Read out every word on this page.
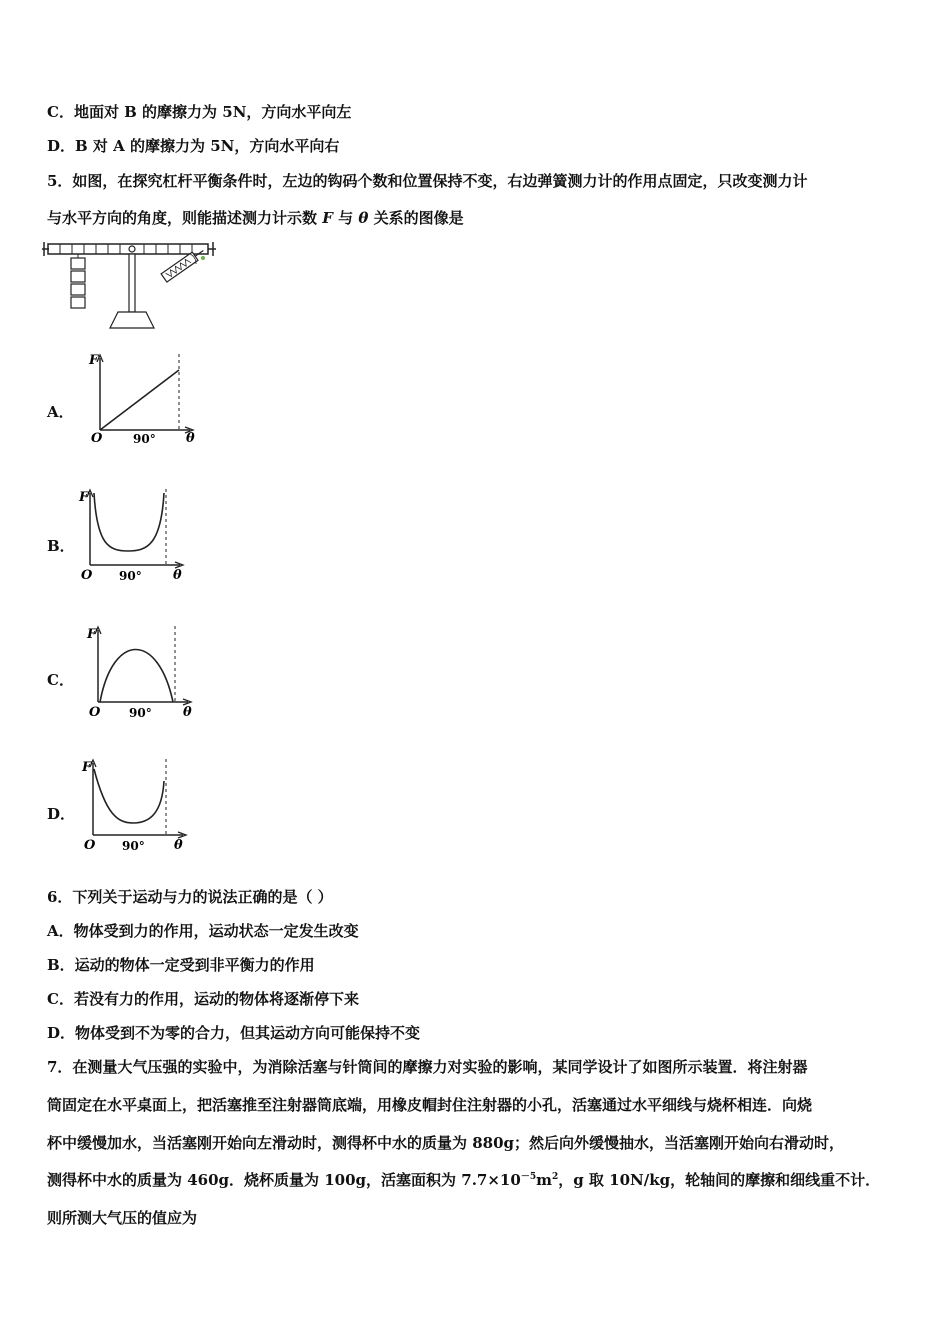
C．地面对 B 的摩擦力为 5N，方向水平向左
D．B 对 A 的摩擦力为 5N，方向水平向右
5．如图，在探究杠杆平衡条件时，左边的钩码个数和位置保持不变，右边弹簧测力计的作用点固定，只改变测力计
与水平方向的角度，则能描述测力计示数 F 与 θ 关系的图像是
A．
F
O	90° θ
B．
F
O 90° θ
C．
F
O 90° θ
D．
F
O 90° θ
6．下列关于运动与力的说法正确的是（ ）
A．物体受到力的作用，运动状态一定发生改变
B．运动的物体一定受到非平衡力的作用
C．若没有力的作用，运动的物体将逐渐停下来
D．物体受到不为零的合力，但其运动方向可能保持不变
7．在测量大气压强的实验中，为消除活塞与针筒间的摩擦力对实验的影响，某同学设计了如图所示装置．将注射器
筒固定在水平桌面上，把活塞推至注射器筒底端，用橡皮帽封住注射器的小孔，活塞通过水平细线与烧杯相连．向烧
杯中缓慢加水，当活塞刚开始向左滑动时，测得杯中水的质量为 880g；然后向外缓慢抽水，当活塞刚开始向右滑动时，
测得杯中水的质量为 460g．烧杯质量为 100g，活塞面积为 $7.7\times 10^{-5}m^2$，g 取 10N/kg，轮轴间的摩擦和细线重不计．
则所测大气压的值应为
